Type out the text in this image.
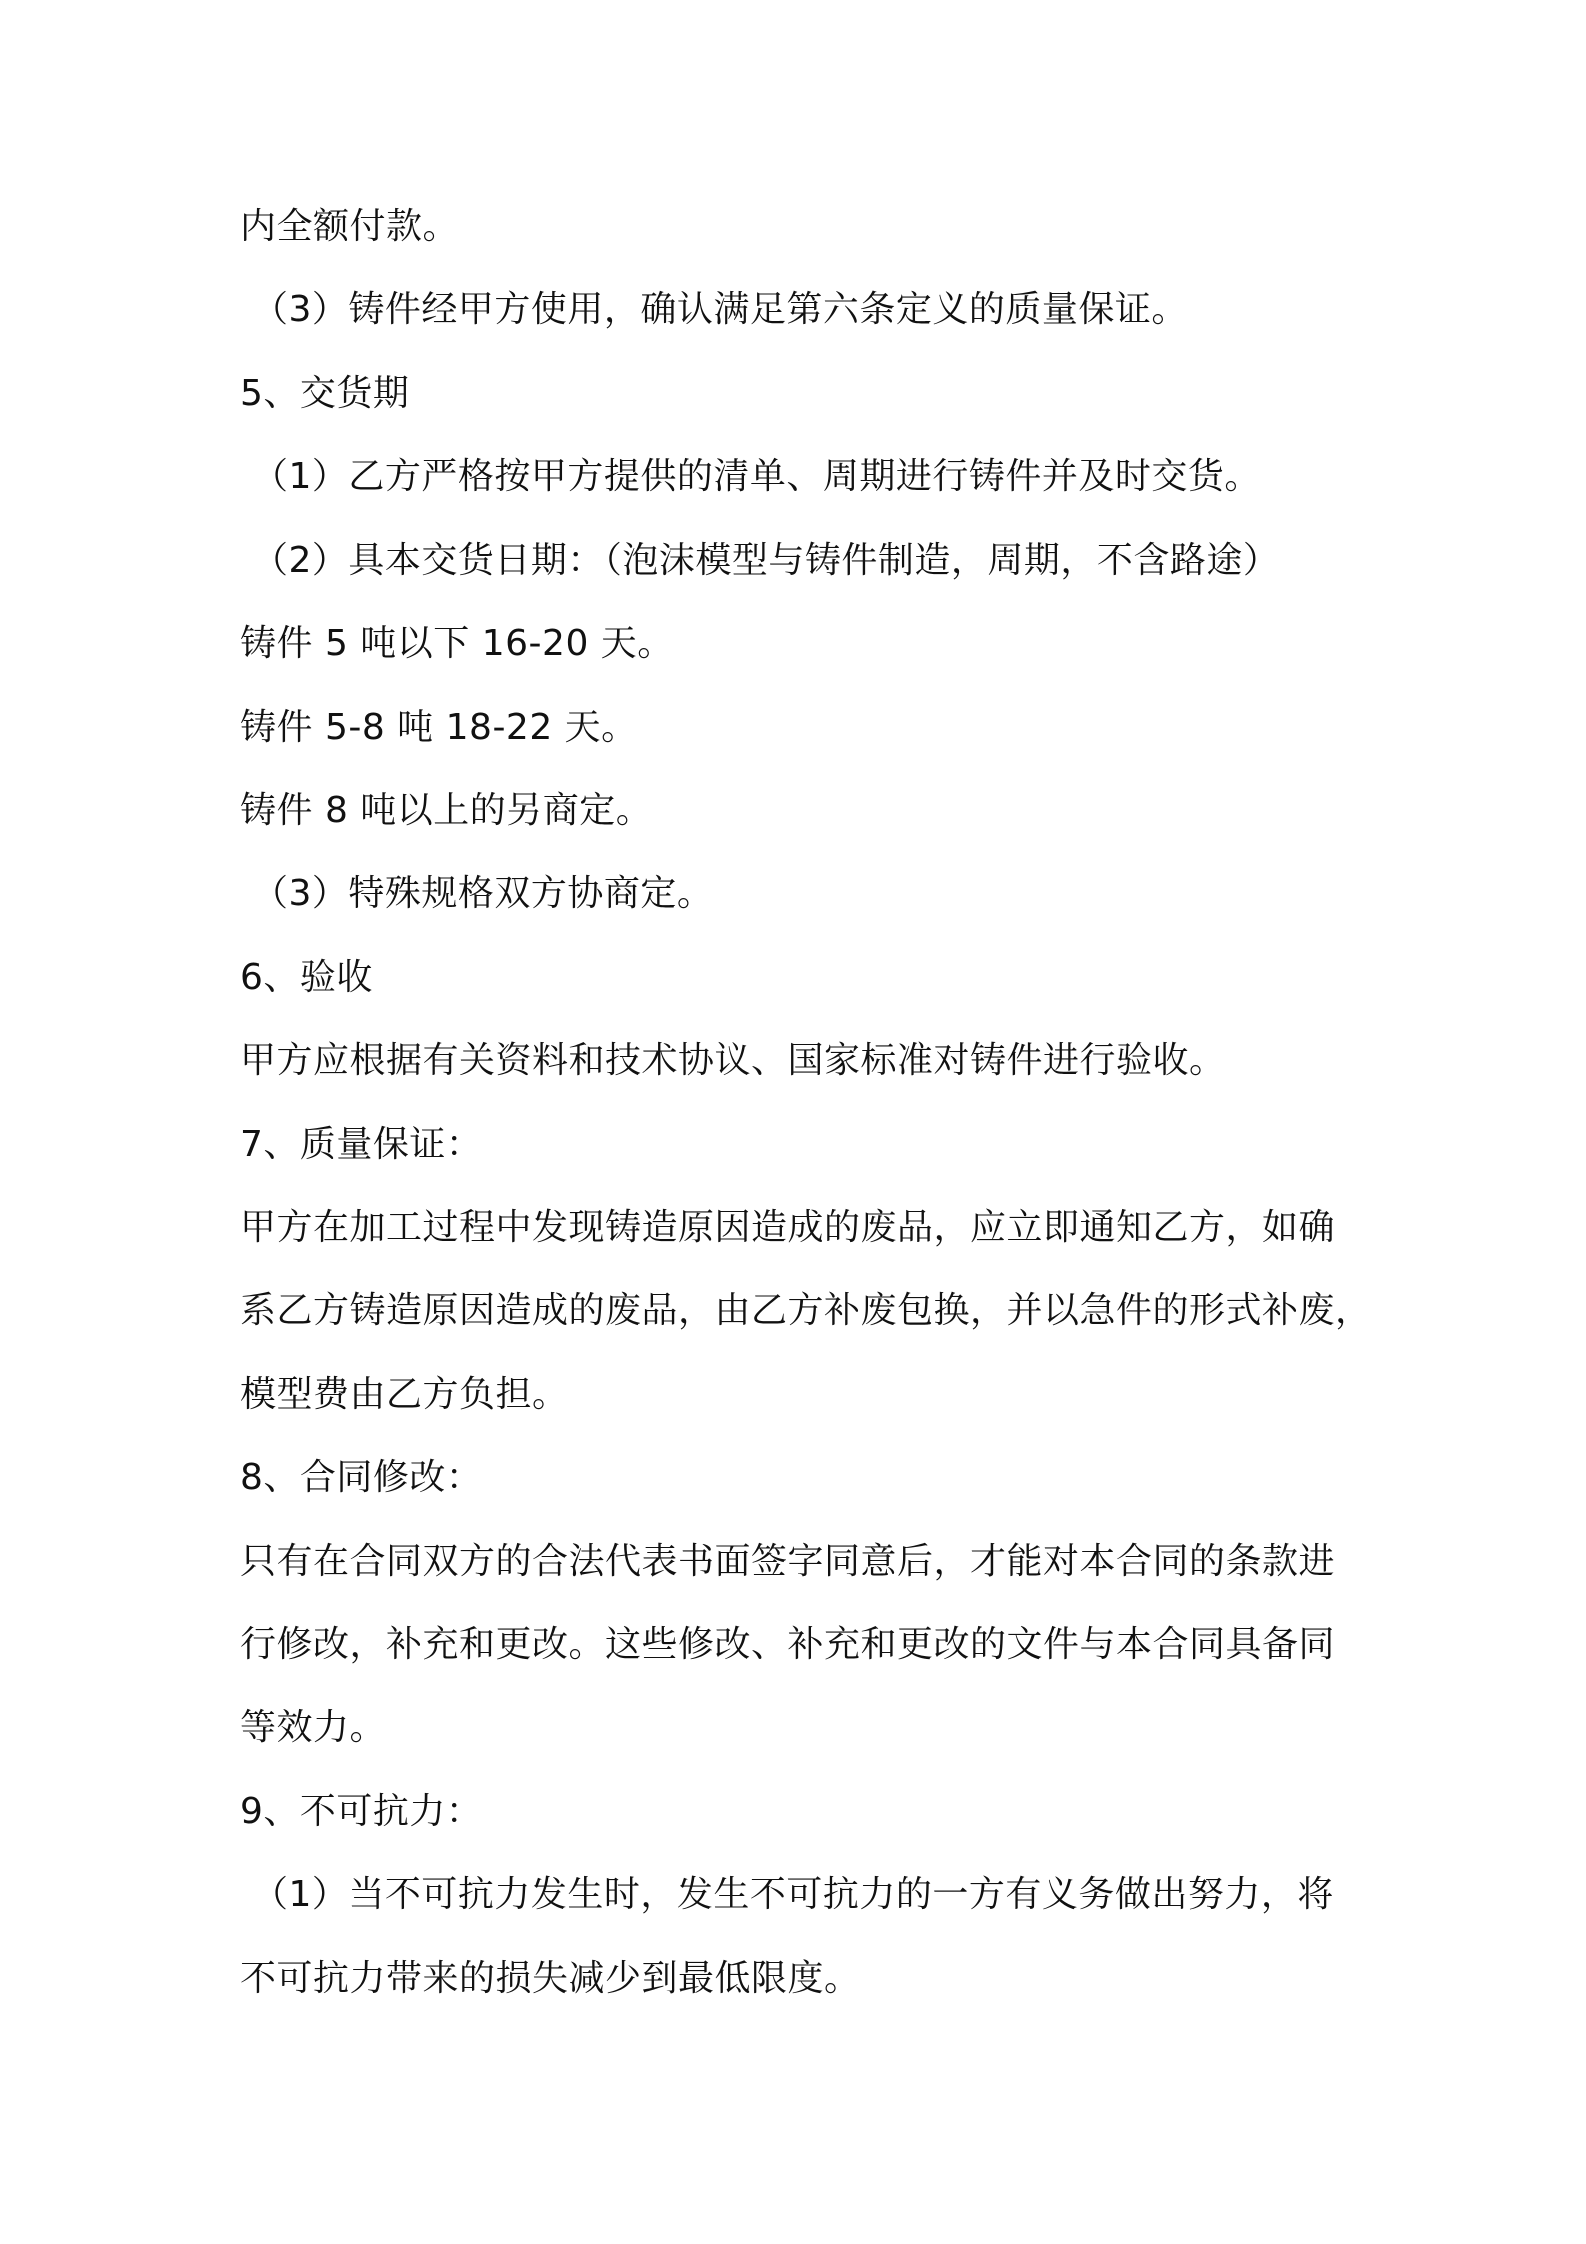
内全额付款。
（3）铸件经甲方使用，确认满足第六条定义的质量保证。
5、交货期
（1）乙方严格按甲方提供的清单、周期进行铸件并及时交货。
（2）具本交货日期：（泡沫模型与铸件制造，周期，不含路途）
铸件 5 吨以下 16-20 天。
铸件 5-8 吨 18-22 天。
铸件 8 吨以上的另商定。
（3）特殊规格双方协商定。
6、验收
甲方应根据有关资料和技术协议、国家标准对铸件进行验收。
7、质量保证：
甲方在加工过程中发现铸造原因造成的废品，应立即通知乙方，如确
系乙方铸造原因造成的废品，由乙方补废包换，并以急件的形式补废，
模型费由乙方负担。
8、合同修改：
只有在合同双方的合法代表书面签字同意后，才能对本合同的条款进
行修改，补充和更改。这些修改、补充和更改的文件与本合同具备同
等效力。
9、不可抗力：
（1）当不可抗力发生时，发生不可抗力的一方有义务做出努力，将
不可抗力带来的损失减少到最低限度。
